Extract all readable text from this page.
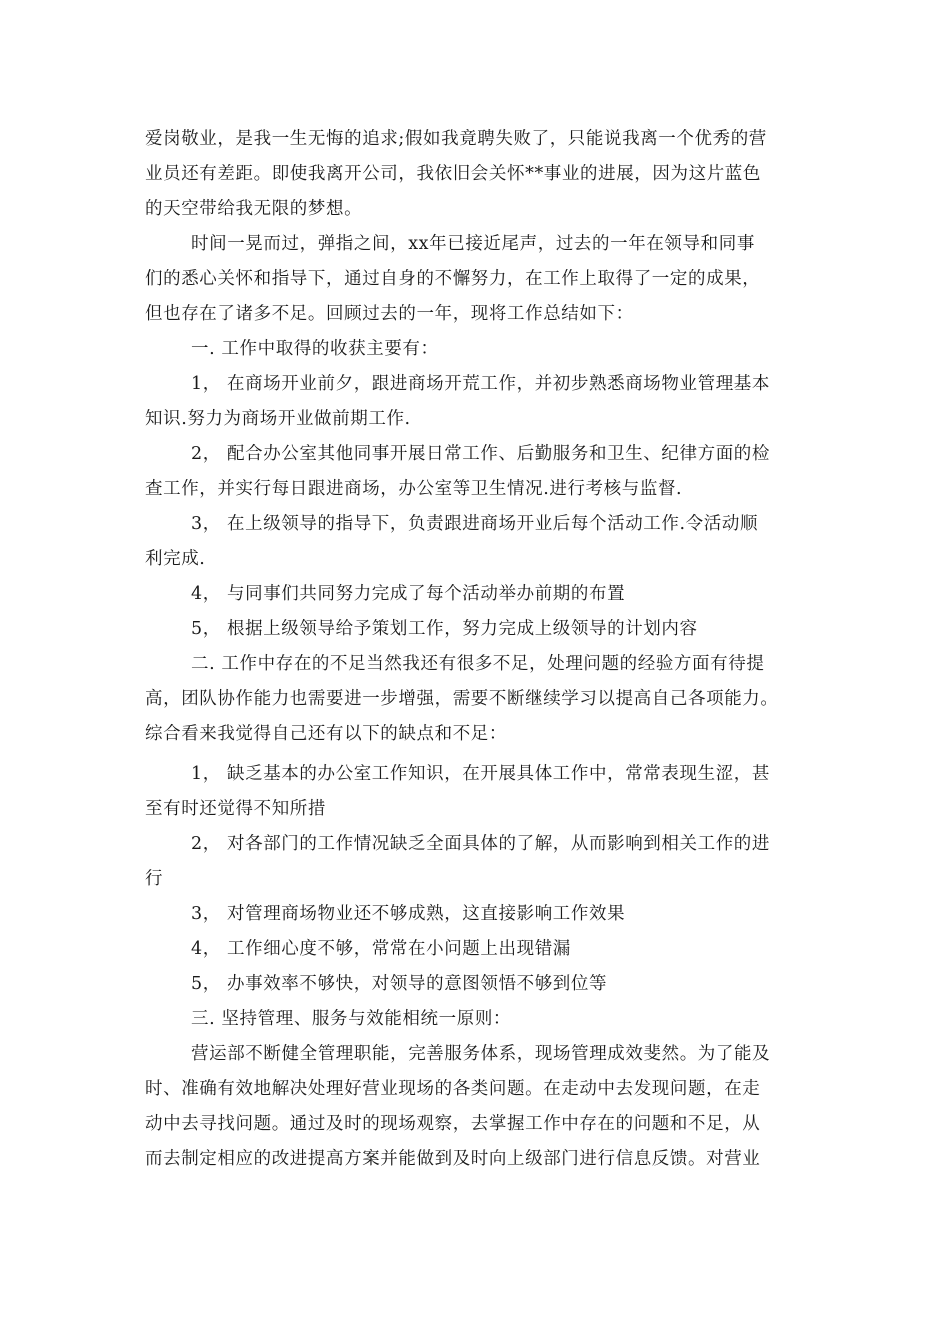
爱岗敬业，是我一生无悔的追求;假如我竟聘失败了，只能说我离一个优秀的营
业员还有差距。即使我离开公司，我依旧会关怀**事业的进展，因为这片蓝色
的天空带给我无限的梦想。
时间一晃而过，弹指之间，xx年已接近尾声，过去的一年在领导和同事
们的悉心关怀和指导下，通过自身的不懈努力，在工作上取得了一定的成果，
但也存在了诸多不足。回顾过去的一年，现将工作总结如下：
一. 工作中取得的收获主要有：
1， 在商场开业前夕，跟进商场开荒工作，并初步熟悉商场物业管理基本
知识.努力为商场开业做前期工作.
2， 配合办公室其他同事开展日常工作、后勤服务和卫生、纪律方面的检
查工作，并实行每日跟进商场，办公室等卫生情况.进行考核与监督.
3， 在上级领导的指导下，负责跟进商场开业后每个活动工作.令活动顺
利完成.
4， 与同事们共同努力完成了每个活动举办前期的布置
5， 根据上级领导给予策划工作，努力完成上级领导的计划内容
二. 工作中存在的不足当然我还有很多不足，处理问题的经验方面有待提
高，团队协作能力也需要进一步增强，需要不断继续学习以提高自己各项能力。
综合看来我觉得自己还有以下的缺点和不足：
1， 缺乏基本的办公室工作知识，在开展具体工作中，常常表现生涩，甚
至有时还觉得不知所措
2， 对各部门的工作情况缺乏全面具体的了解，从而影响到相关工作的进
行
3， 对管理商场物业还不够成熟，这直接影响工作效果
4， 工作细心度不够，常常在小问题上出现错漏
5， 办事效率不够快，对领导的意图领悟不够到位等
三. 坚持管理、服务与效能相统一原则：
营运部不断健全管理职能，完善服务体系，现场管理成效斐然。为了能及
时、准确有效地解决处理好营业现场的各类问题。在走动中去发现问题，在走
动中去寻找问题。通过及时的现场观察，去掌握工作中存在的问题和不足，从
而去制定相应的改进提高方案并能做到及时向上级部门进行信息反馈。对营业
